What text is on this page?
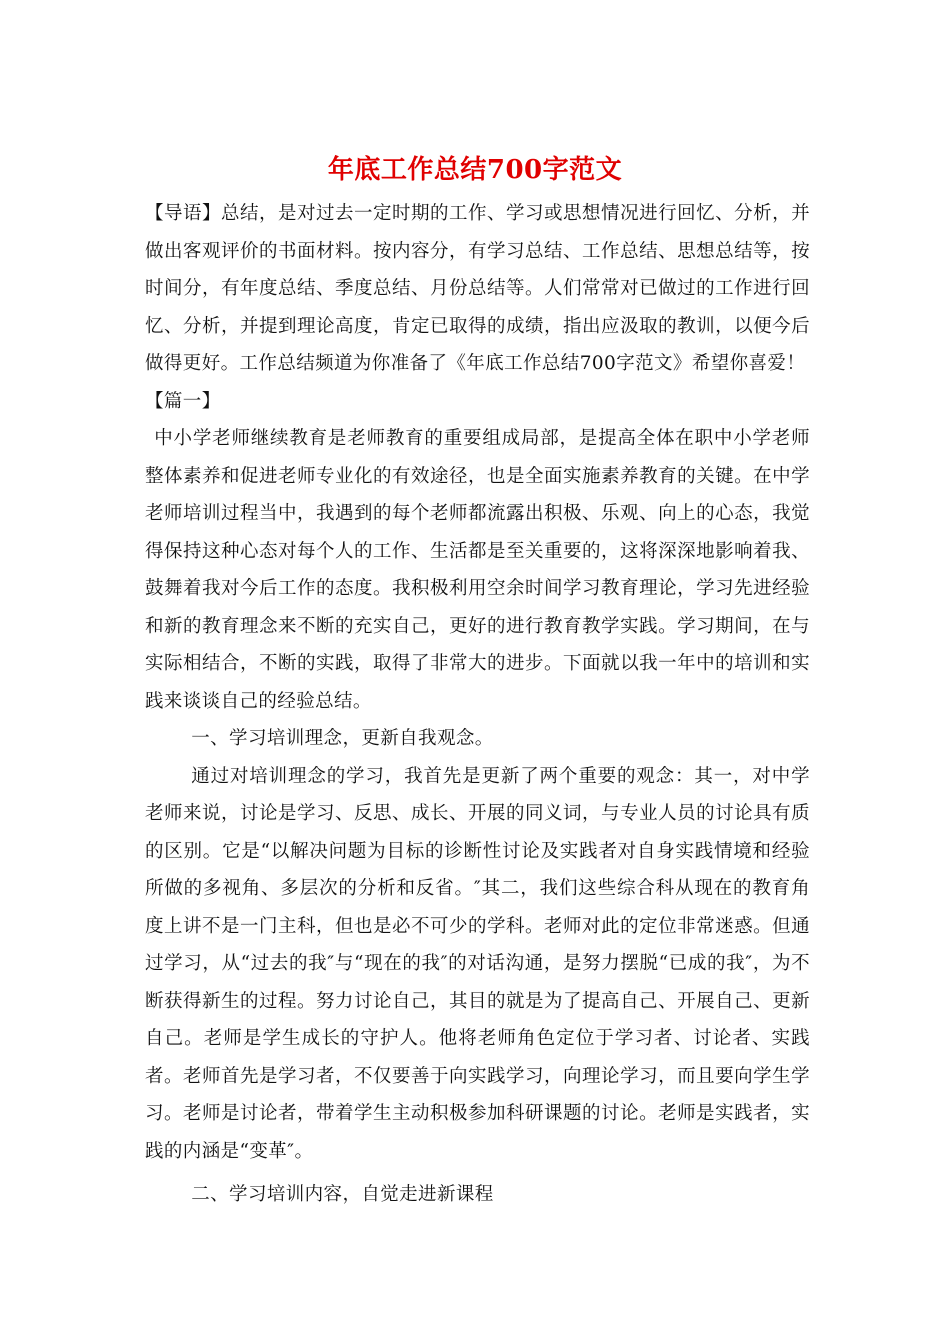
年底工作总结700字范文

【导语】总结，是对过去一定时期的工作、学习或思想情况进行回忆、分析，并做出客观评价的书面材料。按内容分，有学习总结、工作总结、思想总结等，按时间分，有年度总结、季度总结、月份总结等。人们常常对已做过的工作进行回忆、分析，并提到理论高度，肯定已取得的成绩，指出应汲取的教训，以便今后做得更好。工作总结频道为你准备了《年底工作总结700字范文》希望你喜爱！

【篇一】

中小学老师继续教育是老师教育的重要组成局部，是提高全体在职中小学老师整体素养和促进老师专业化的有效途径，也是全面实施素养教育的关键。在中学老师培训过程当中，我遇到的每个老师都流露出积极、乐观、向上的心态，我觉得保持这种心态对每个人的工作、生活都是至关重要的，这将深深地影响着我、鼓舞着我对今后工作的态度。我积极利用空余时间学习教育理论，学习先进经验和新的教育理念来不断的充实自己，更好的进行教育教学实践。学习期间，在与实际相结合，不断的实践，取得了非常大的进步。下面就以我一年中的培训和实践来谈谈自己的经验总结。

一、学习培训理念，更新自我观念。

通过对培训理念的学习，我首先是更新了两个重要的观念：其一，对中学老师来说，讨论是学习、反思、成长、开展的同义词，与专业人员的讨论具有质的区别。它是“以解决问题为目标的诊断性讨论及实践者对自身实践情境和经验所做的多视角、多层次的分析和反省。″其二，我们这些综合科从现在的教育角度上讲不是一门主科，但也是必不可少的学科。老师对此的定位非常迷惑。但通过学习，从“过去的我″与“现在的我″的对话沟通，是努力摆脱“已成的我″，为不断获得新生的过程。努力讨论自己，其目的就是为了提高自己、开展自己、更新自己。老师是学生成长的守护人。他将老师角色定位于学习者、讨论者、实践者。老师首先是学习者，不仅要善于向实践学习，向理论学习，而且要向学生学习。老师是讨论者，带着学生主动积极参加科研课题的讨论。老师是实践者，实践的内涵是“变革″。

二、学习培训内容，自觉走进新课程
